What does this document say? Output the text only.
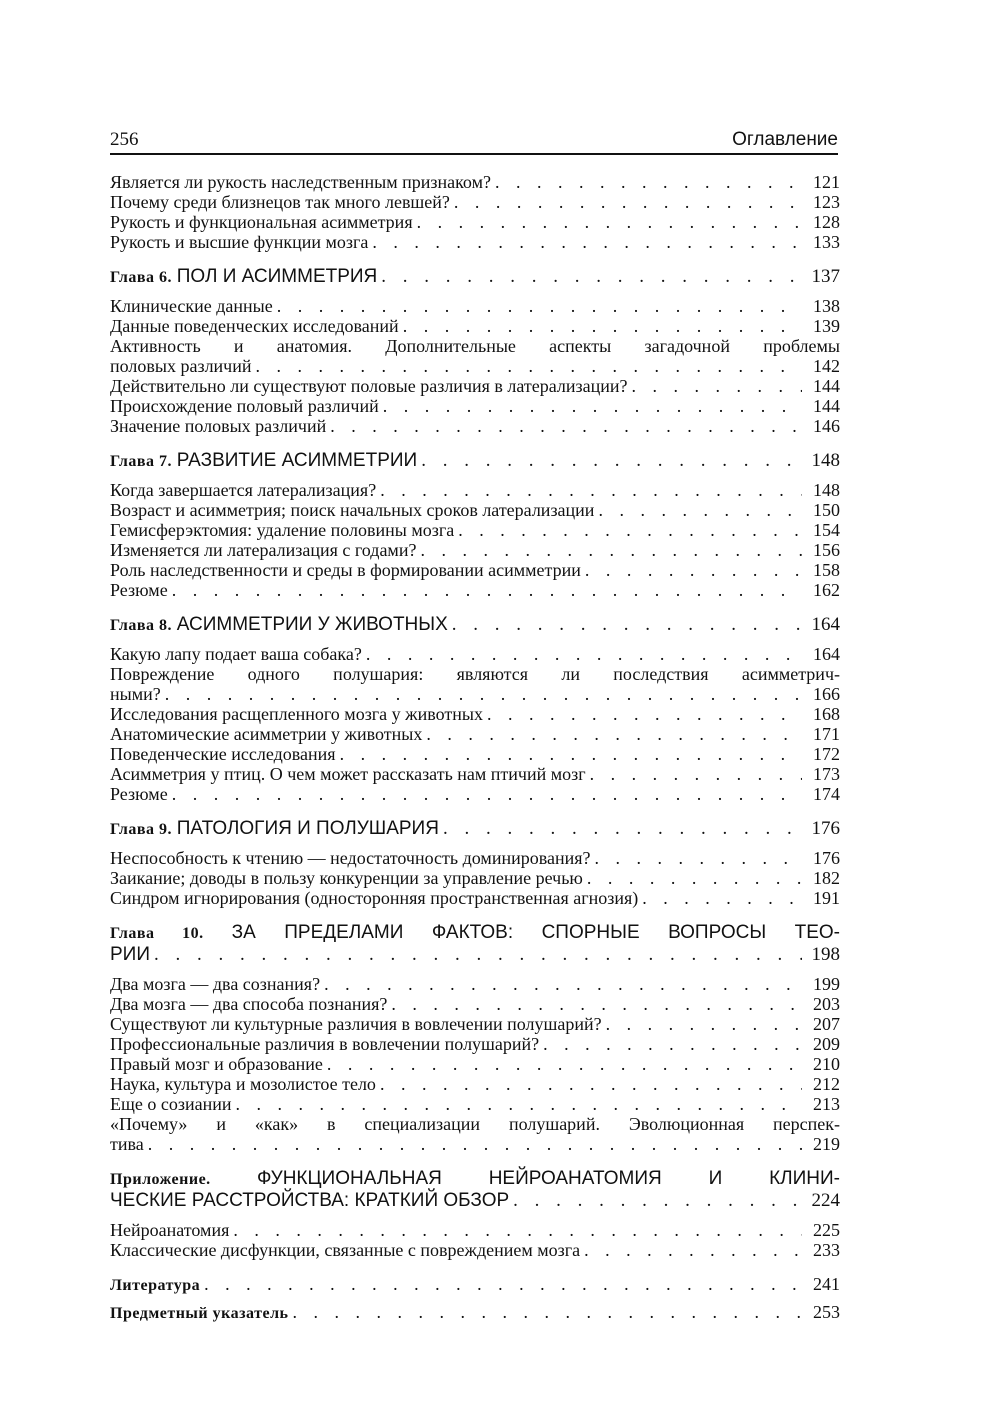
256	Оглавление
Является ли рукость наследственным признаком? . . .	121
Почему среди близнецов так много левшей? . . .	123
Рукость и функциональная асимметрия . . .	128
Рукость и высшие функции мозга . . .	133
Глава 6. ПОЛ И АСИММЕТРИЯ . . .	137
Клинические данные . . .	138
Данные поведенческих исследований . . .	139
Активность и анатомия. Дополнительные аспекты загадочной проблемы
половых различий . . .	142
Действительно ли существуют половые различия в латерализации? . . .	144
Происхождение половый различий . . .	144
Значение половых различий . . .	146
Глава 7. РАЗВИТИЕ АСИММЕТРИИ . . .	148
Когда завершается латерализация? . . .	148
Возраст и асимметрия; поиск начальных сроков латерализации . . .	150
Гемисферэктомия: удаление половины мозга . . .	154
Изменяется ли латерализация с годами? . . .	156
Роль наследственности и среды в формировании асимметрии . . .	158
Резюме . . .	162
Глава 8. АСИММЕТРИИ У ЖИВОТНЫХ . . .	164
Какую лапу подает ваша собака? . . .	164
Повреждение одного полушария: являются ли последствия асимметрич-
ными? . . .	166
Исследования расщепленного мозга у животных . . .	168
Анатомические асимметрии у животных . . .	171
Поведенческие исследования . . .	172
Асимметрия у птиц. О чем может рассказать нам птичий мозг . . .	173
Резюме . . .	174
Глава 9. ПАТОЛОГИЯ И ПОЛУШАРИЯ . . .	176
Неспособность к чтению — недостаточность доминирования? . . .	176
Заикание; доводы в пользу конкуренции за управление речью . . .	182
Синдром игнорирования (односторонняя пространственная агнозия) . . .	191
Глава 10. ЗА ПРЕДЕЛАМИ ФАКТОВ: СПОРНЫЕ ВОПРОСЫ ТЕО-
РИИ . . .	198
Два мозга — два сознания? . . .	199
Два мозга — два способа познания? . . .	203
Существуют ли культурные различия в вовлечении полушарий? . . .	207
Профессиональные различия в вовлечении полушарий? . . .	209
Правый мозг и образование . . .	210
Наука, культура и мозолистое тело . . .	212
Еще о созиании . . .	213
«Почему» и «как» в специализации полушарий. Эволюционная перспек-
тива . . .	219
Приложение. ФУНКЦИОНАЛЬНАЯ НЕЙРОАНАТОМИЯ И КЛИНИ-
ЧЕСКИЕ РАССТРОЙСТВА: КРАТКИЙ ОБЗОР . . .	224
Нейроанатомия . . .	225
Классические дисфункции, связанные с повреждением мозга . . .	233
Литература . . .	241
Предметный указатель . . .	253
